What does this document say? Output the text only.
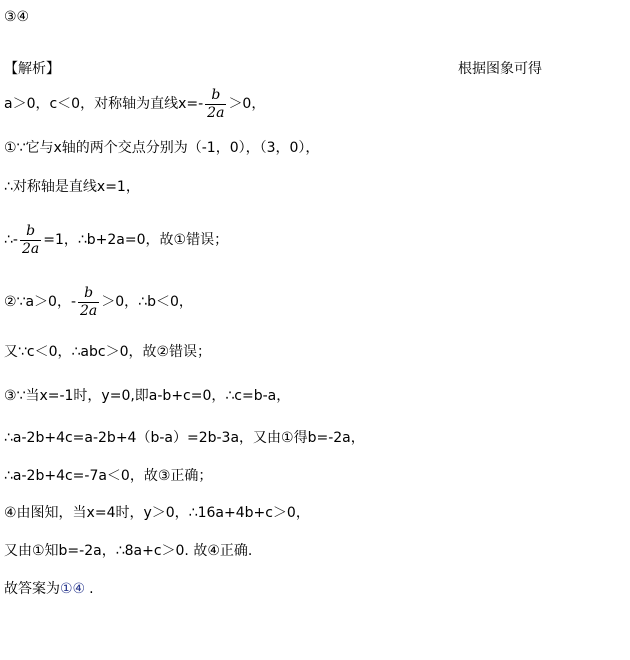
③④
【解析】	根据图象可得
a＞0，c＜0，对称轴为直线$x=- \frac{b}{2a} >0$，
①∵它与x轴的两个交点分别为（-1，0），（3，0），
∴对称轴是直线x=1，
∴- $\frac{b}{2a} =1$，∴b+2a=0，故①错误；
②∵a＞0，- $\frac{b}{2a} >0$，∴b＜0，
又∵c＜0，∴abc＞0，故②错误；
③∵当x=-1时，y=0,即a-b+c=0，∴c=b-a，
∴a-2b+4c=a-2b+4（b-a）=2b-3a，又由①得b=-2a，
∴a-2b+4c=-7a＜0，故③正确；
④由图知，当x=4时，y＞0，∴16a+4b+c＞0，
又由①知b=-2a，∴8a+c＞0. 故④正确.
故答案为①④ .
